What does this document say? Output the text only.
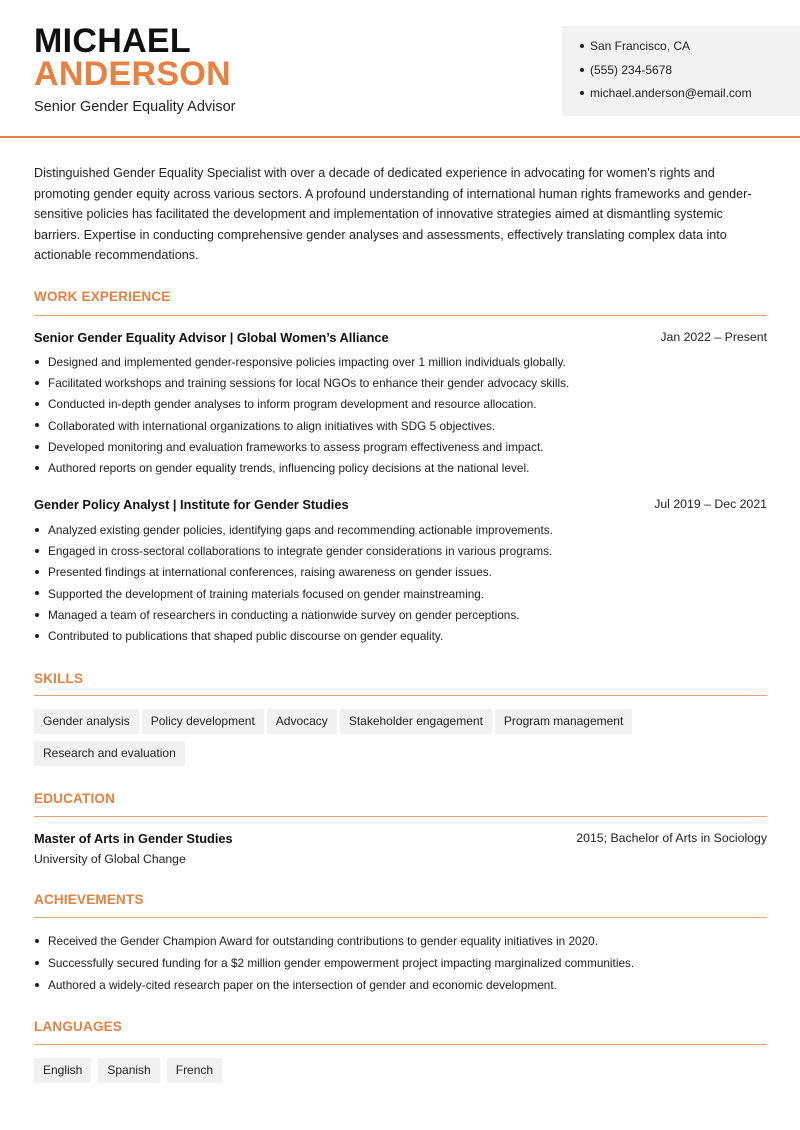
MICHAEL
ANDERSON
Senior Gender Equality Advisor
San Francisco, CA
(555) 234-5678
michael.anderson@email.com
Distinguished Gender Equality Specialist with over a decade of dedicated experience in advocating for women's rights and promoting gender equity across various sectors. A profound understanding of international human rights frameworks and gender-sensitive policies has facilitated the development and implementation of innovative strategies aimed at dismantling systemic barriers. Expertise in conducting comprehensive gender analyses and assessments, effectively translating complex data into actionable recommendations.
WORK EXPERIENCE
Senior Gender Equality Advisor | Global Women’s Alliance	Jan 2022 – Present
Designed and implemented gender-responsive policies impacting over 1 million individuals globally.
Facilitated workshops and training sessions for local NGOs to enhance their gender advocacy skills.
Conducted in-depth gender analyses to inform program development and resource allocation.
Collaborated with international organizations to align initiatives with SDG 5 objectives.
Developed monitoring and evaluation frameworks to assess program effectiveness and impact.
Authored reports on gender equality trends, influencing policy decisions at the national level.
Gender Policy Analyst | Institute for Gender Studies	Jul 2019 – Dec 2021
Analyzed existing gender policies, identifying gaps and recommending actionable improvements.
Engaged in cross-sectoral collaborations to integrate gender considerations in various programs.
Presented findings at international conferences, raising awareness on gender issues.
Supported the development of training materials focused on gender mainstreaming.
Managed a team of researchers in conducting a nationwide survey on gender perceptions.
Contributed to publications that shaped public discourse on gender equality.
SKILLS
Gender analysis Policy development Advocacy Stakeholder engagement Program managementResearch and evaluation
EDUCATION
Master of Arts in Gender Studies	2015; Bachelor of Arts in Sociology
University of Global Change
ACHIEVEMENTS
Received the Gender Champion Award for outstanding contributions to gender equality initiatives in 2020.
Successfully secured funding for a $2 million gender empowerment project impacting marginalized communities.
Authored a widely-cited research paper on the intersection of gender and economic development.
LANGUAGES
English Spanish French
